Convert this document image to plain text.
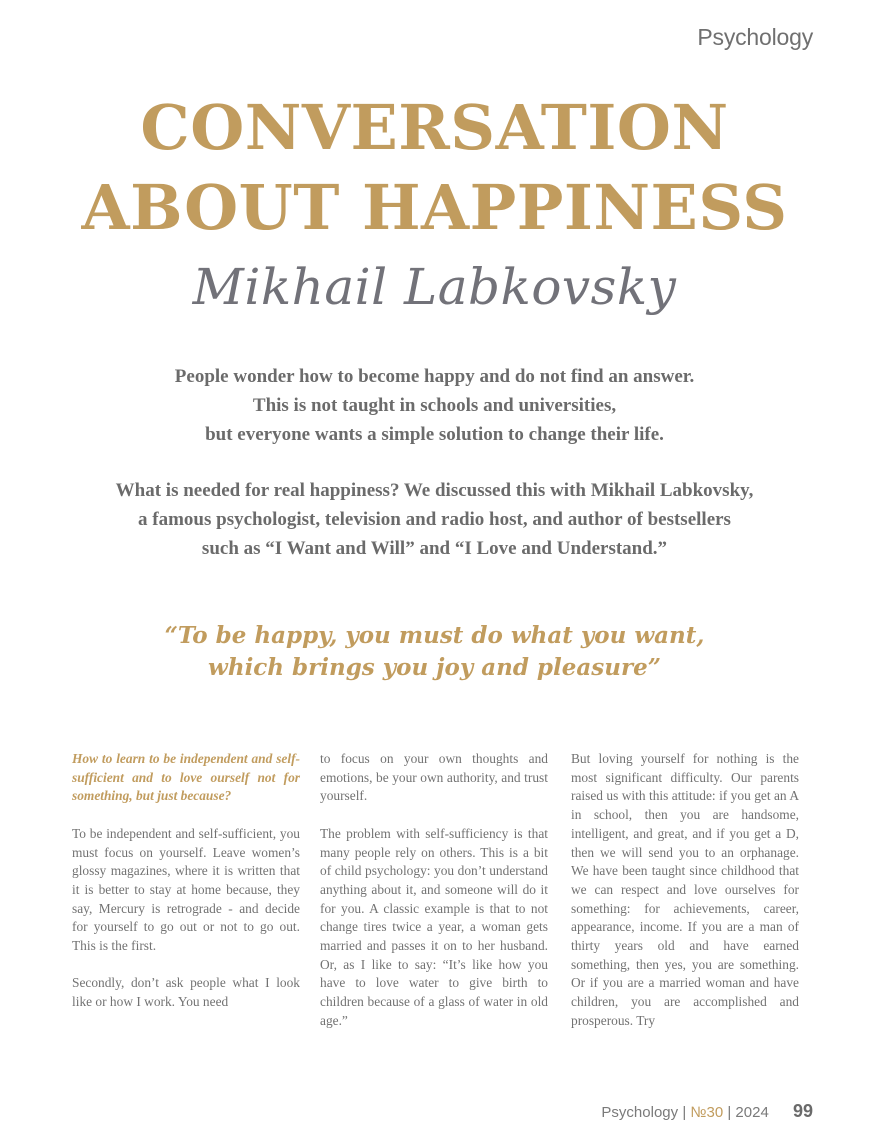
Psychology
CONVERSATION
ABOUT HAPPINESS
Mikhail Labkovsky
People wonder how to become happy and do not find an answer.
This is not taught in schools and universities,
but everyone wants a simple solution to change their life.
What is needed for real happiness? We discussed this with Mikhail Labkovsky,
a famous psychologist, television and radio host, and author of bestsellers
such as “I Want and Will” and “I Love and Understand.”
“To be happy, you must do what you want,
which brings you joy and pleasure”

How to learn to be independent and self-sufficient and to love ourself not for something, but just because?

To be independent and self-sufficient, you must focus on yourself. Leave women’s glossy magazines, where it is written that it is better to stay at home because, they say, Mercury is retrograde - and decide for yourself to go out or not to go out. This is the first.

Secondly, don’t ask people what I look like or how I work. You need

to focus on your own thoughts and emotions, be your own authority, and trust yourself.

The problem with self-sufficiency is that many people rely on others. This is a bit of child psychology: you don’t understand anything about it, and someone will do it for you. A classic example is that to not change tires twice a year, a woman gets married and passes it on to her husband. Or, as I like to say: “It’s like how you have to love water to give birth to children because of a glass of water in old age.”

But loving yourself for nothing is the most significant difficulty. Our parents raised us with this attitude: if you get an A in school, then you are handsome, intelligent, and great, and if you get a D, then we will send you to an orphanage. We have been taught since childhood that we can respect and love ourselves for something: for achievements, career, appearance, income. If you are a man of thirty years old and have earned something, then yes, you are something. Or if you are a married woman and have children, you are accomplished and prosperous. Try

Psychology | №30 | 2024 99
